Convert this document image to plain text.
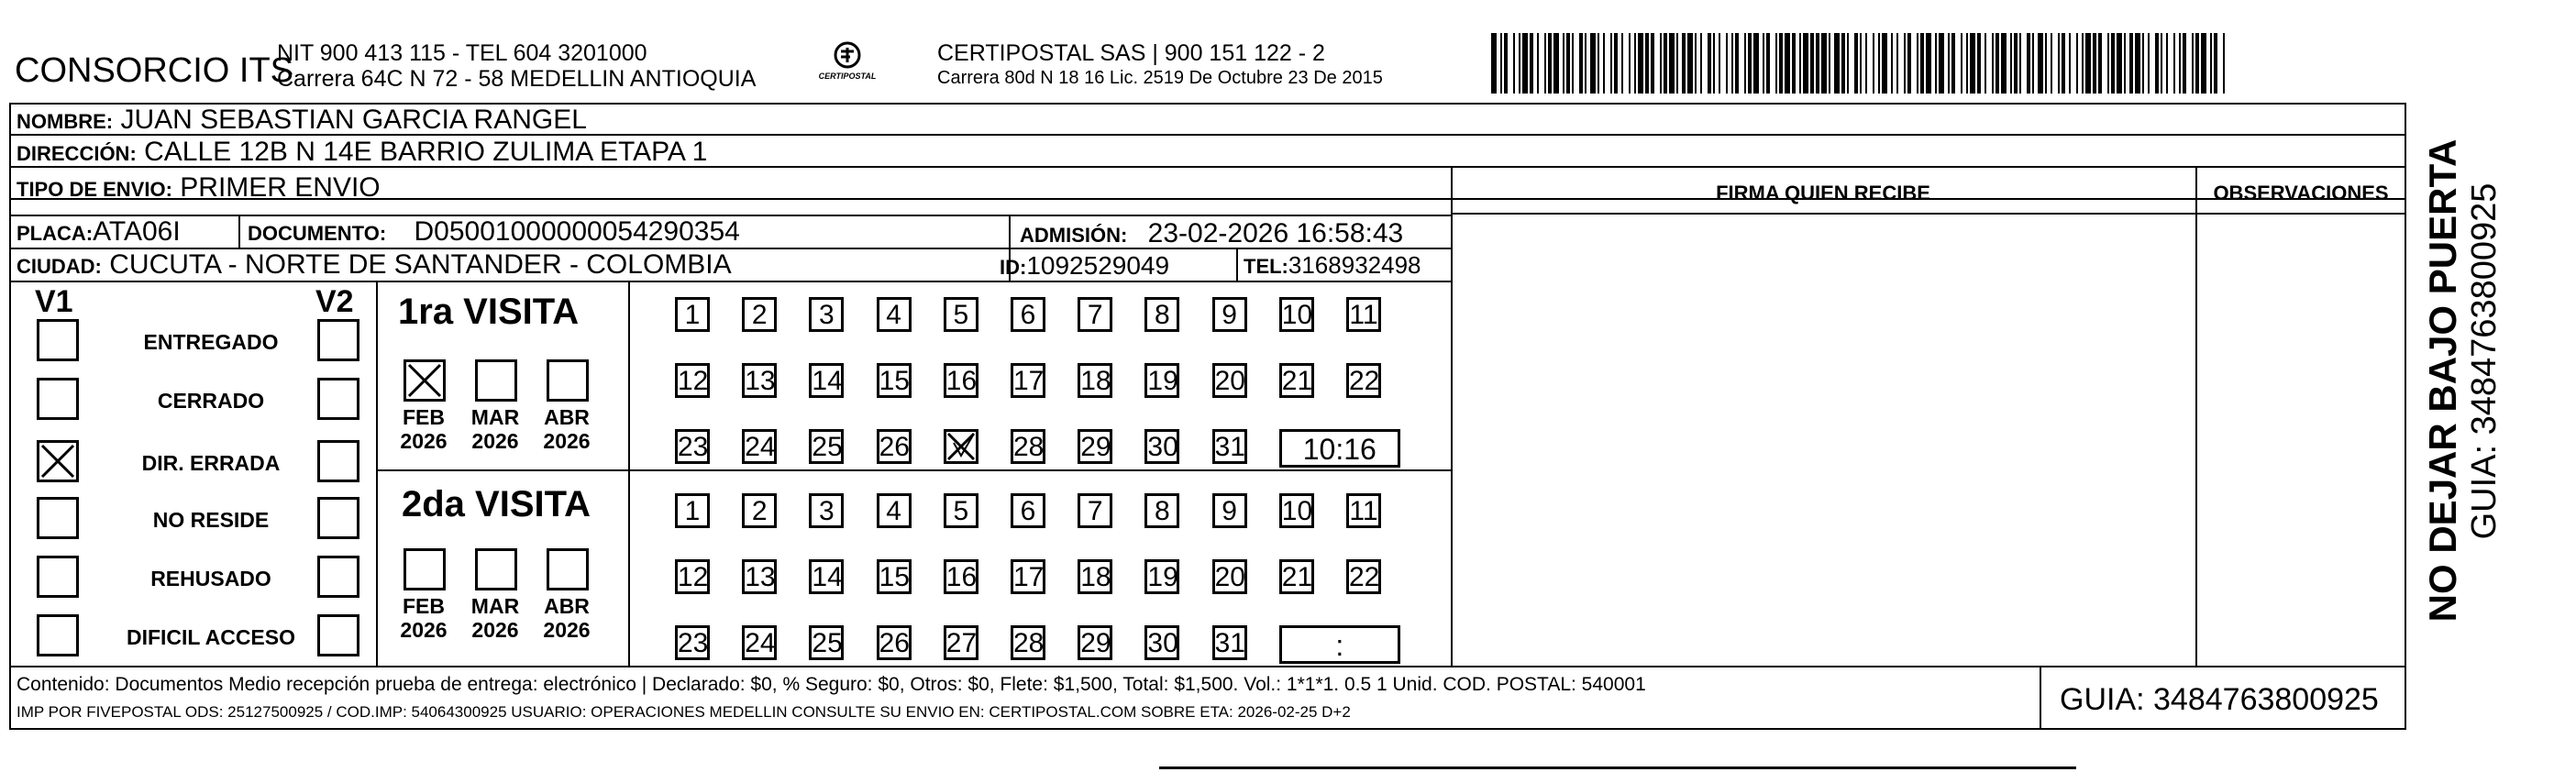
CONSORCIO ITS
NIT 900 413 115 - TEL 604 3201000
Carrera 64C N 72 - 58 MEDELLIN ANTIOQUIA	CERTIPOSTAL
CERTIPOSTAL SAS | 900 151 122 - 2
Carrera 80d N 18 16 Lic. 2519 De Octubre 23 De 2015
NOMBRE: JUAN SEBASTIAN GARCIA RANGEL
DIRECCIÓN: CALLE 12B N 14E BARRIO ZULIMA ETAPA 1
TIPO DE ENVIO: PRIMER ENVIO	FIRMA QUIEN RECIBE	OBSERVACIONES
PLACA:ATA06I	DOCUMENTO: D05001000000054290354	ADMISIÓN: 23-02-2026 16:58:43
CIUDAD: CUCUTA - NORTE DE SANTANDER - COLOMBIA	ID:1092529049	TEL:3168932498
V1	V2
ENTREGADO
CERRADO
DIR. ERRADA
NO RESIDE
REHUSADO
DIFICIL ACCESO
1ra VISITA
FEB
2026
MAR
2026
ABR
2026
1	2	3	4	5	6	7	8	9	10 11
12 13 14 15 16 17 18 19 20 21 22
23 24 25 26	28 29 30 31	10:16
2da VISITA
FEB
2026
MAR
2026
ABR
2026
1	2	3	4	5	6	7	8	9	10 11
12 13 14 15 16 17 18 19 20 21 22
23 24 25 26 27 28 29 30 31	:
Contenido: Documentos Medio recepción prueba de entrega: electrónico | Declarado: $0, % Seguro: $0, Otros: $0, Flete: $1,500, Total: $1,500. Vol.: 1*1*1. 0.5 1 Unid. COD. POSTAL: 540001
IMP POR FIVEPOSTAL ODS: 25127500925 / COD.IMP: 54064300925 USUARIO: OPERACIONES MEDELLIN CONSULTE SU ENVIO EN: CERTIPOSTAL.COM SOBRE ETA: 2026-02-25 D+2	GUIA: 3484763800925
NO DEJAR BAJO PUERTA GUIA: 3484763800925
